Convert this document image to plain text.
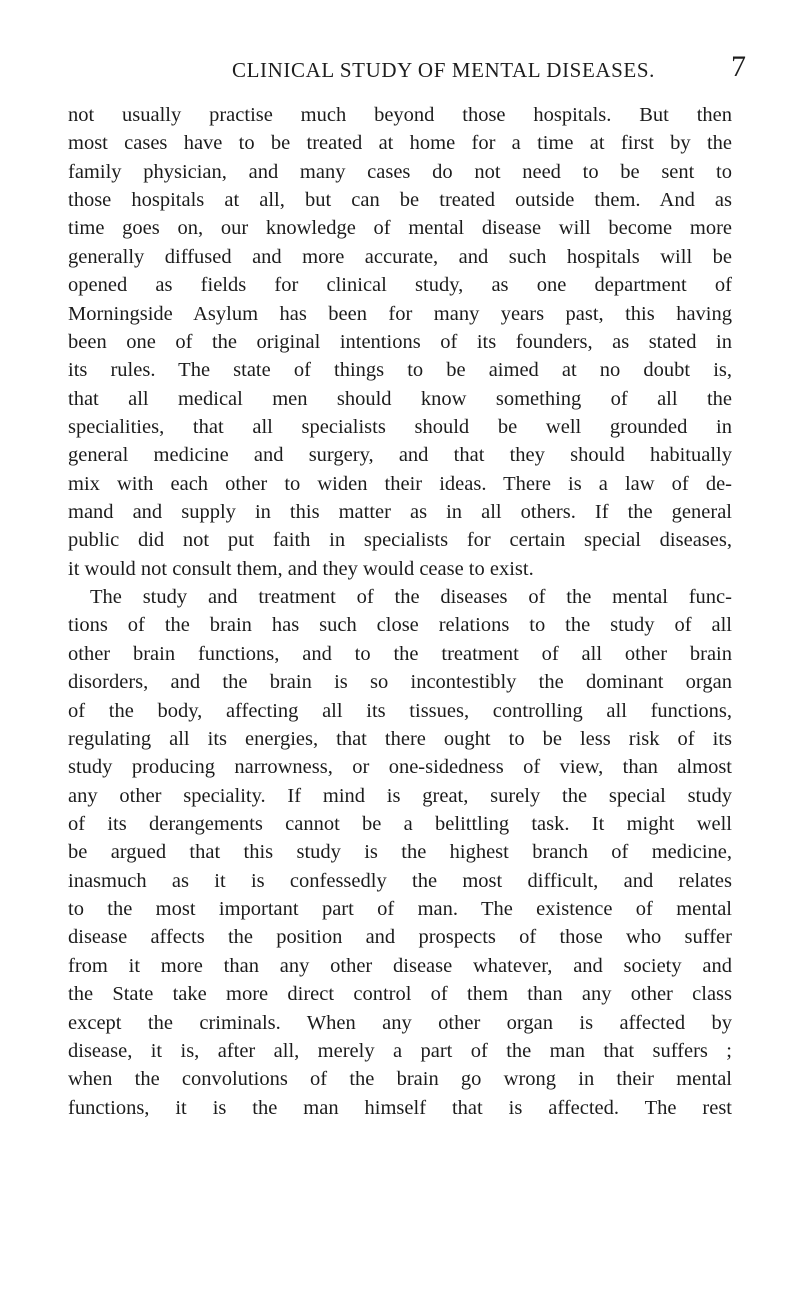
CLINICAL STUDY OF MENTAL DISEASES.	7
not usually practise much beyond those hospitals. But then
most cases have to be treated at home for a time at first by the
family physician, and many cases do not need to be sent to
those hospitals at all, but can be treated outside them. And as
time goes on, our knowledge of mental disease will become more
generally diffused and more accurate, and such hospitals will be
opened as fields for clinical study, as one department of
Morningside Asylum has been for many years past, this having
been one of the original intentions of its founders, as stated in
its rules. The state of things to be aimed at no doubt is,
that all medical men should know something of all the
specialities, that all specialists should be well grounded in
general medicine and surgery, and that they should habitually
mix with each other to widen their ideas. There is a law of de-
mand and supply in this matter as in all others. If the general
public did not put faith in specialists for certain special diseases,
it would not consult them, and they would cease to exist.
The study and treatment of the diseases of the mental func-
tions of the brain has such close relations to the study of all
other brain functions, and to the treatment of all other brain
disorders, and the brain is so incontestibly the dominant organ
of the body, affecting all its tissues, controlling all functions,
regulating all its energies, that there ought to be less risk of its
study producing narrowness, or one-sidedness of view, than almost
any other speciality. If mind is great, surely the special study
of its derangements cannot be a belittling task. It might well
be argued that this study is the highest branch of medicine,
inasmuch as it is confessedly the most difficult, and relates
to the most important part of man. The existence of mental
disease affects the position and prospects of those who suffer
from it more than any other disease whatever, and society and
the State take more direct control of them than any other class
except the criminals. When any other organ is affected by
disease, it is, after all, merely a part of the man that suffers ;
when the convolutions of the brain go wrong in their mental
functions, it is the man himself that is affected. The rest
